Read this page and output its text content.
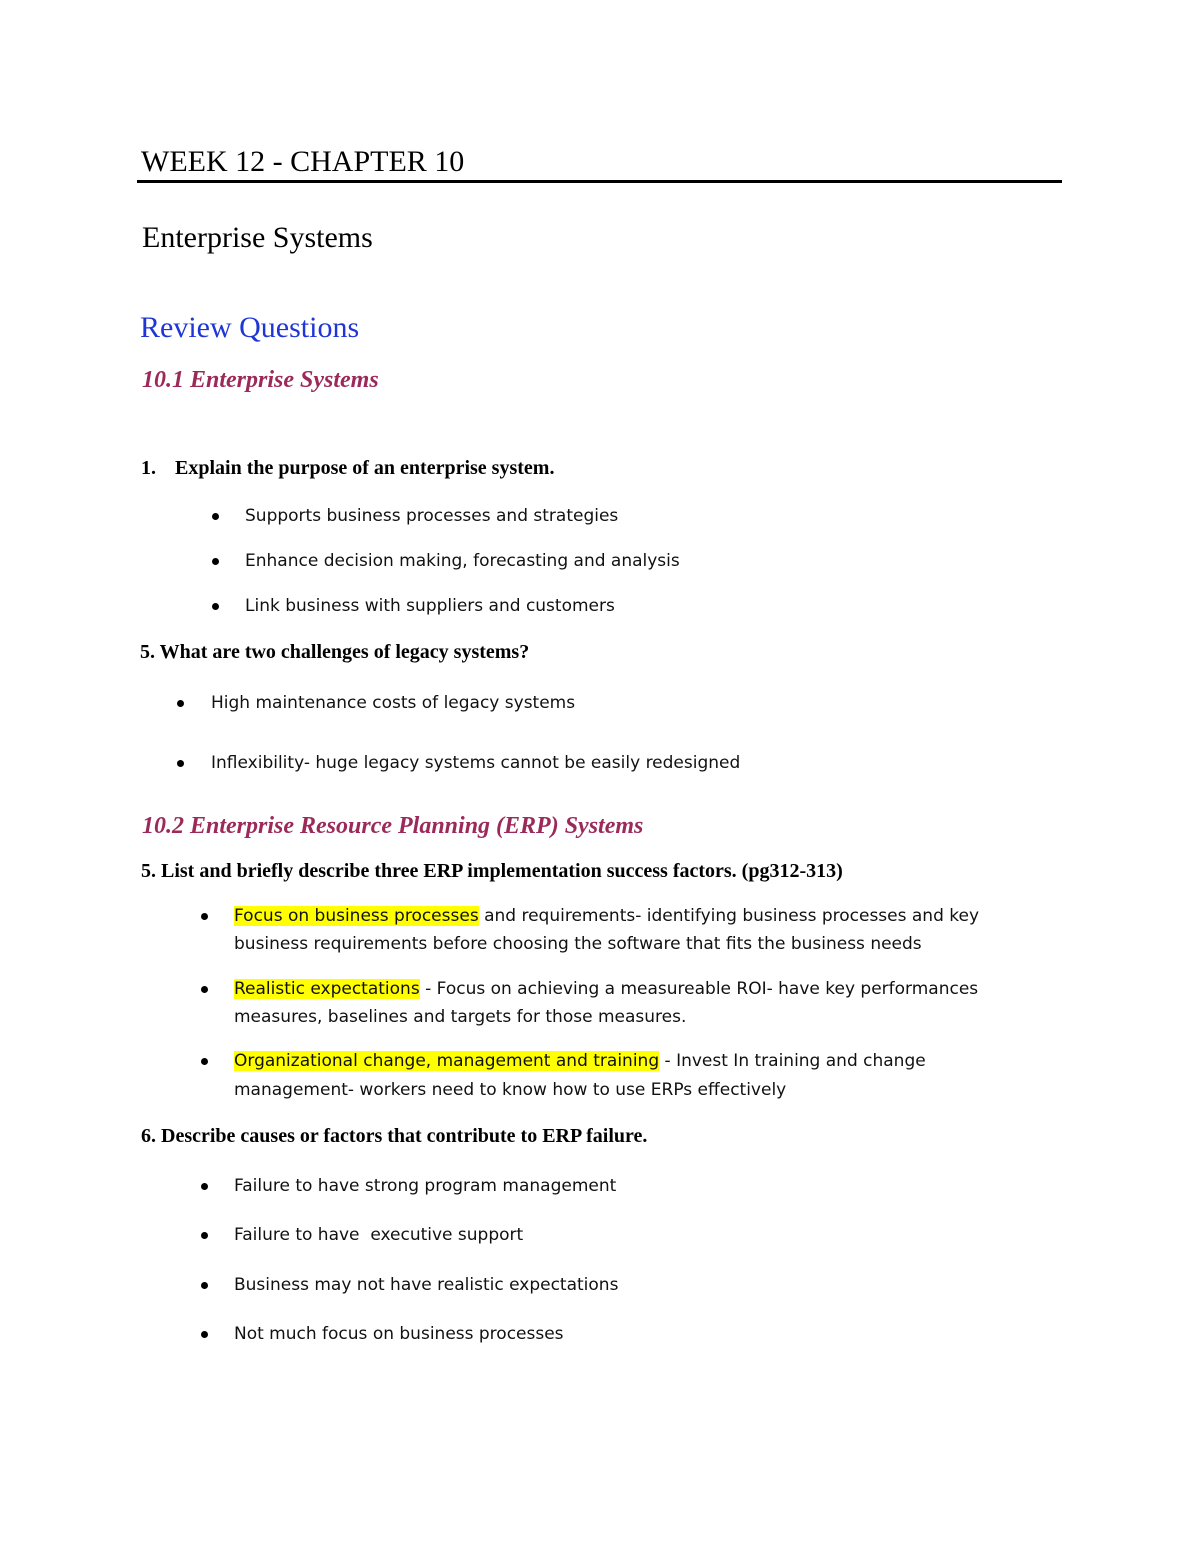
WEEK 12 - CHAPTER 10
Enterprise Systems
Review Questions
10.1 Enterprise Systems
1. Explain the purpose of an enterprise system.
Supports business processes and strategies
Enhance decision making, forecasting and analysis
Link business with suppliers and customers
5. What are two challenges of legacy systems?
High maintenance costs of legacy systems
Inflexibility- huge legacy systems cannot be easily redesigned
10.2 Enterprise Resource Planning (ERP) Systems
5. List and briefly describe three ERP implementation success factors. (pg312-313)
Focus on business processes and requirements- identifying business processes and key
business requirements before choosing the software that fits the business needs
Realistic expectations - Focus on achieving a measureable ROI- have key performances
measures, baselines and targets for those measures.
Organizational change, management and training - Invest In training and change
management- workers need to know how to use ERPs effectively
6. Describe causes or factors that contribute to ERP failure.
Failure to have strong program management
Failure to have  executive support
Business may not have realistic expectations
Not much focus on business processes
